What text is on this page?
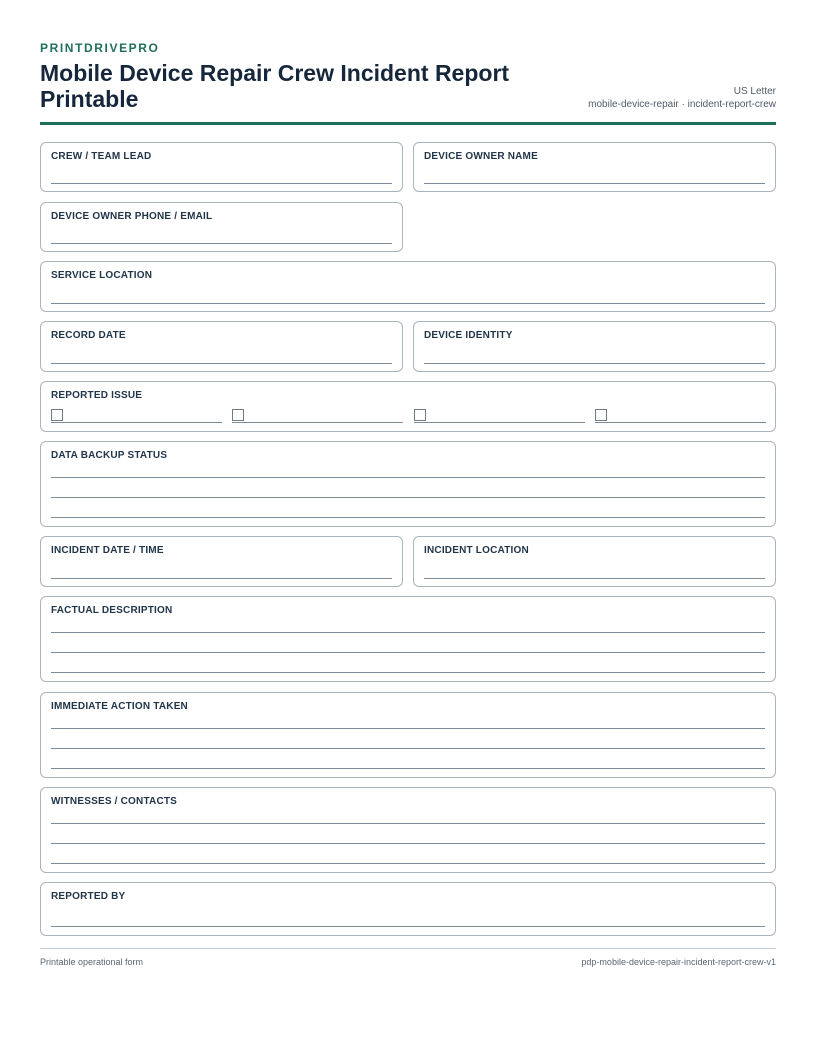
PRINTDRIVEPRO
Mobile Device Repair Crew Incident Report Printable	US Letter
mobile-device-repair · incident-report-crew
CREW / TEAM LEAD	DEVICE OWNER NAME
DEVICE OWNER PHONE / EMAIL
SERVICE LOCATION
RECORD DATE	DEVICE IDENTITY
REPORTED ISSUE
DATA BACKUP STATUS
INCIDENT DATE / TIME	INCIDENT LOCATION
FACTUAL DESCRIPTION
IMMEDIATE ACTION TAKEN
WITNESSES / CONTACTS
REPORTED BY
Printable operational form	pdp-mobile-device-repair-incident-report-crew-v1
